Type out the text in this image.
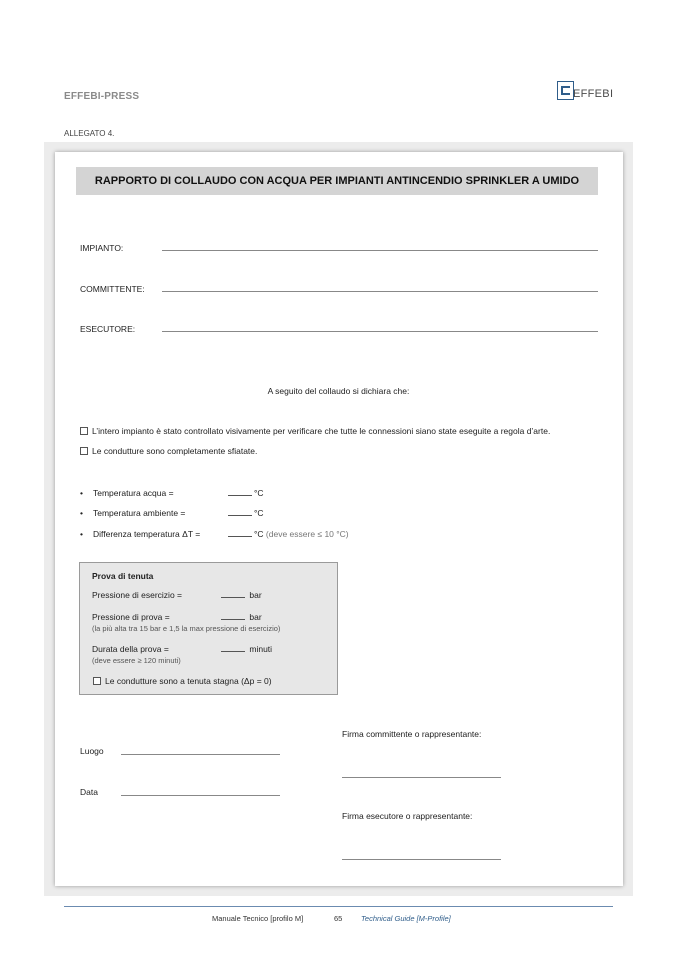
EFFEBI-PRESS	EFFEBI
ALLEGATO 4.
RAPPORTO DI COLLAUDO CON ACQUA PER IMPIANTI ANTINCENDIO SPRINKLER A UMIDO
IMPIANTO:
COMMITTENTE:
ESECUTORE:
A seguito del collaudo si dichiara che:
L’intero impianto è stato controllato visivamente per verificare che tutte le connessioni siano state eseguite a regola d’arte.
Le condutture sono completamente sfiatate.
• Temperatura acqua =	°C
• Temperatura ambiente =	°C
• Differenza temperatura ΔT =	°C (deve essere ≤ 10 °C)
Prova di tenuta
Pressione di esercizio =	bar
Pressione di prova =	bar
(la più alta tra 15 bar e 1,5 la max pressione di esercizio)
Durata della prova =	minuti
(deve essere ≥ 120 minuti)
Le condutture sono a tenuta stagna (Δp = 0)
Luogo
Data
Firma committente o rappresentante:
Firma esecutore o rappresentante:
Manuale Tecnico [profilo M]	65 Technical Guide [M-Profile]
